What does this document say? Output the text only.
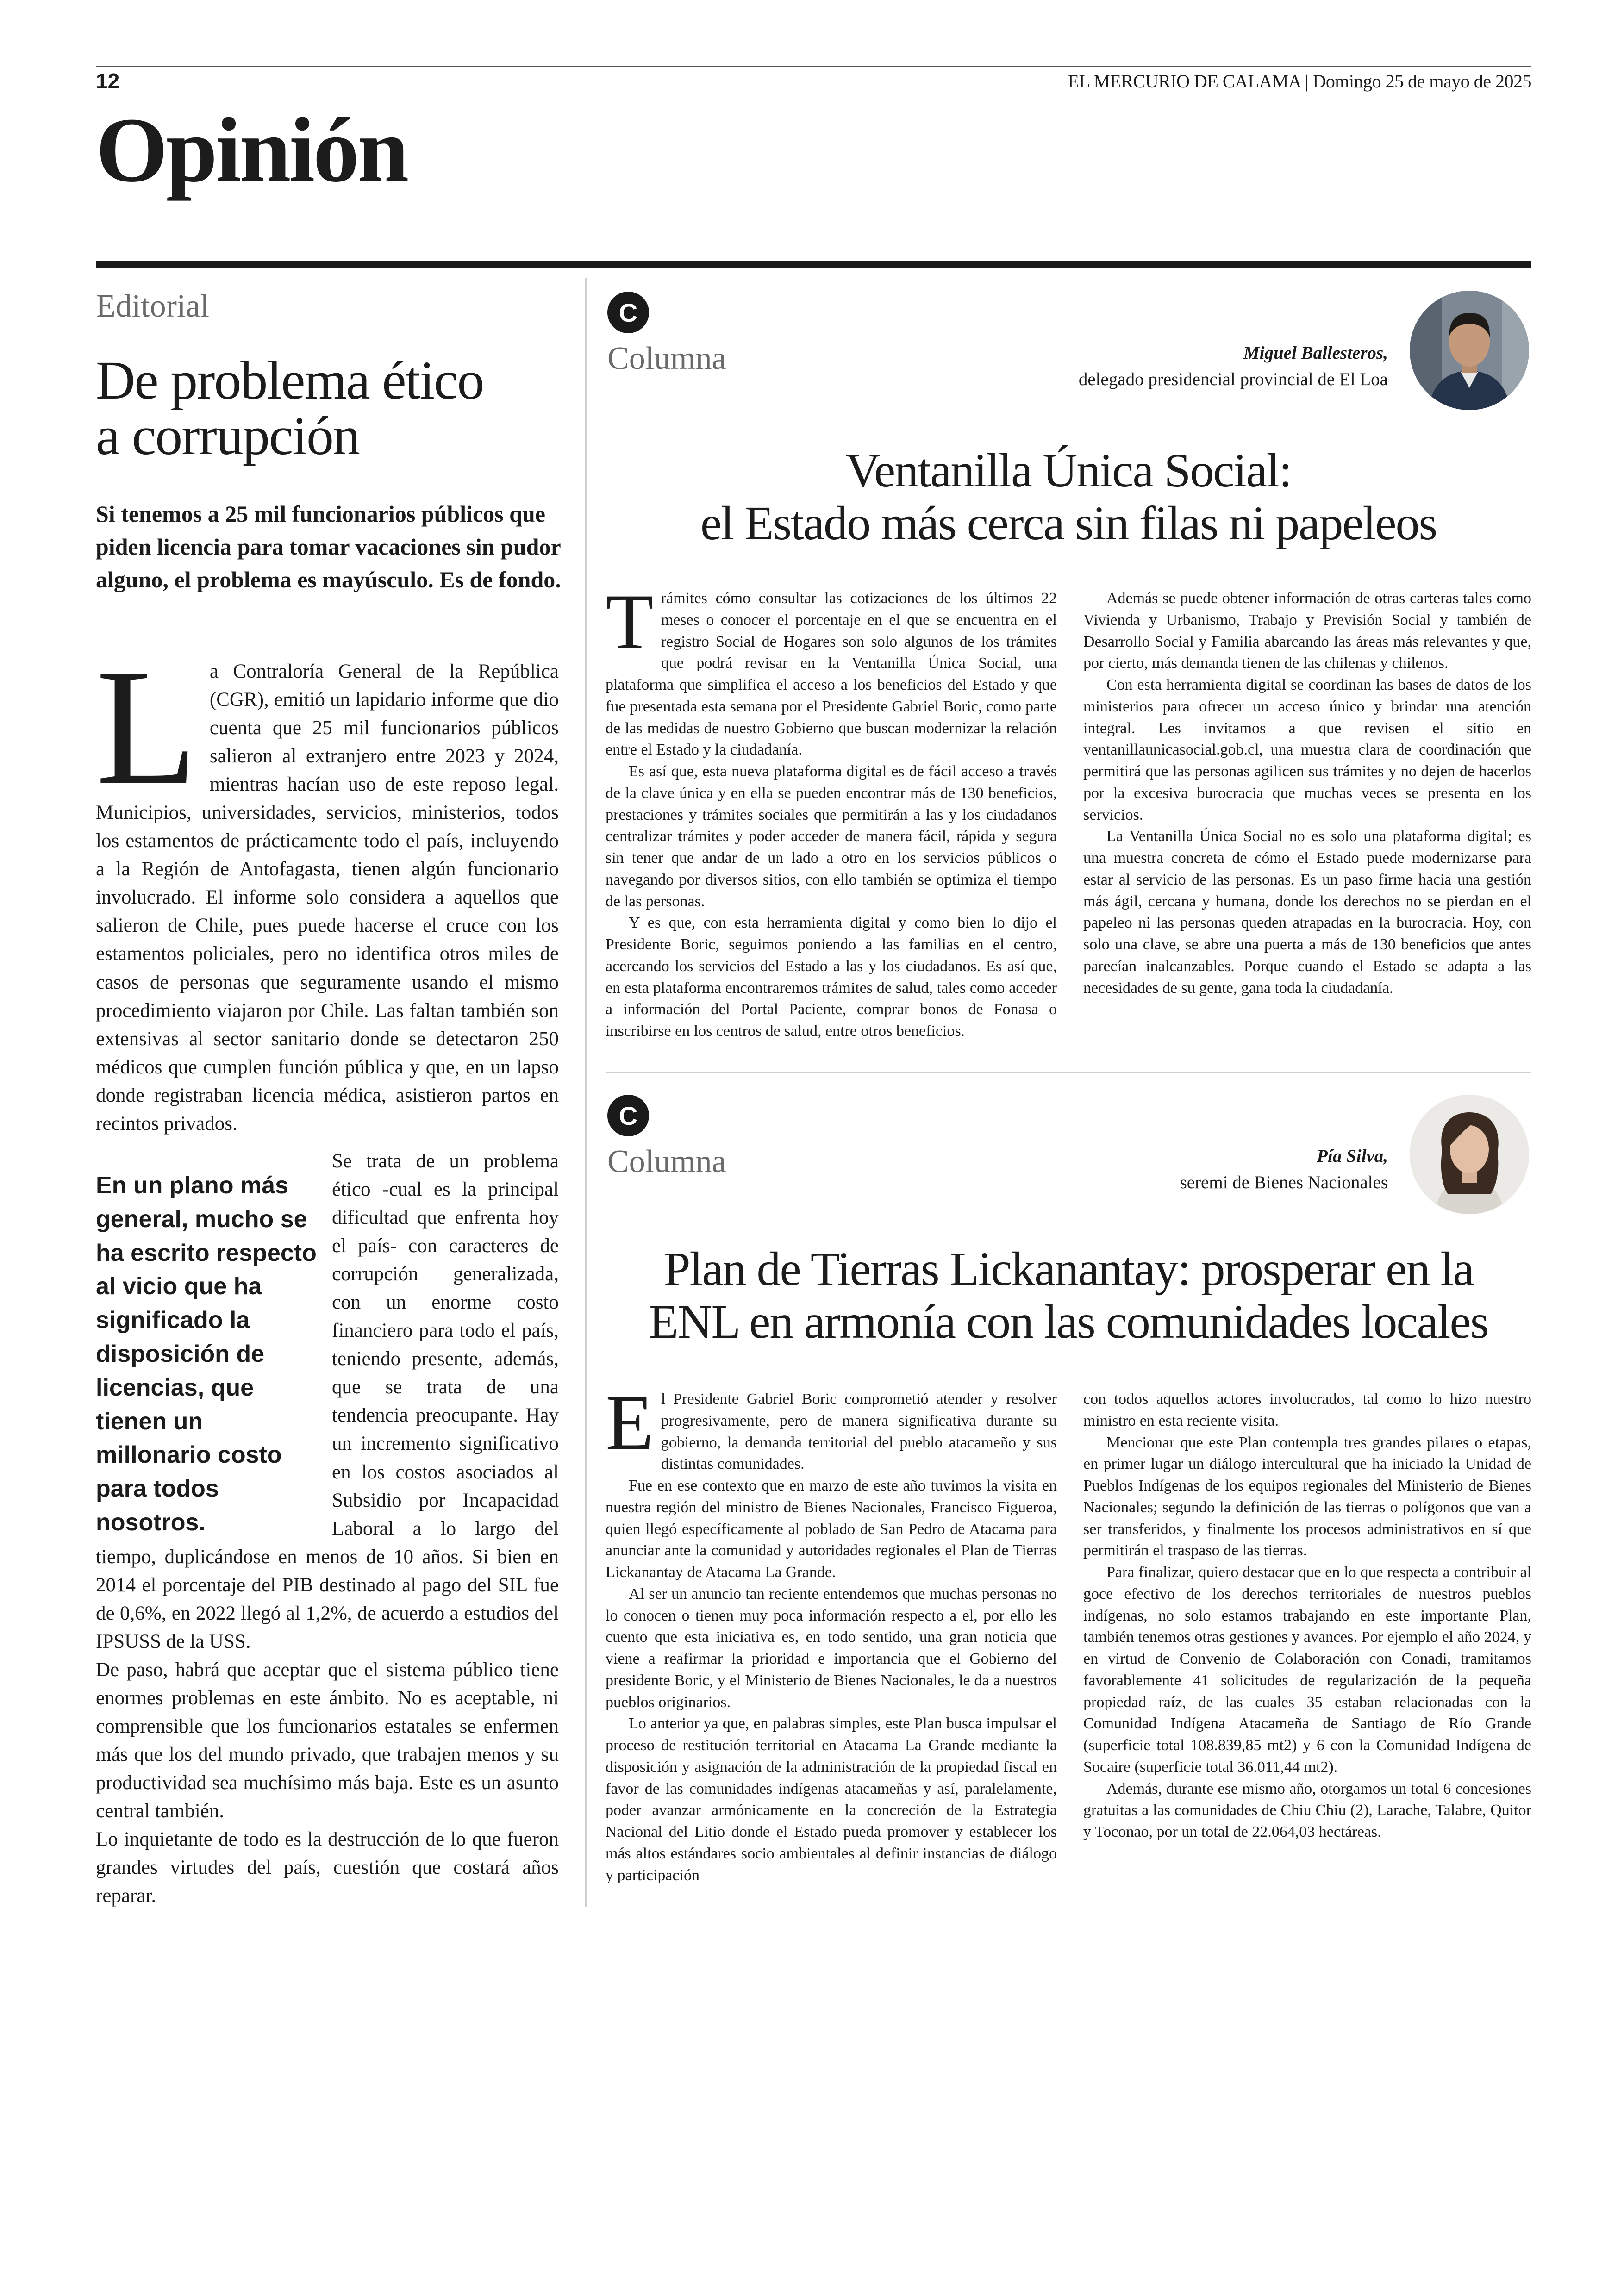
12	EL MERCURIO DE CALAMA | Domingo 25 de mayo de 2025
Opinión
Editorial
De problema ético
a corrupción

Si tenemos a 25 mil funcionarios públicos que piden licencia para tomar vacaciones sin pudor alguno, el problema es mayúsculo. Es de fondo.

L a Contraloría General de la República (CGR), emitió un lapidario informe que dio cuenta que 25 mil funcionarios públicos salieron al extranjero entre 2023 y 2024, mientras hacían uso de este reposo legal. Municipios, universidades, servicios, ministerios, todos los estamentos de prácticamente todo el país, incluyendo a la Región de Antofagasta, tienen algún funcionario involucrado. El informe solo considera a aquellos que salieron de Chile, pues puede hacerse el cruce con los estamentos policiales, pero no identifica otros miles de casos de personas que seguramente usando el mismo procedimiento viajaron por Chile. Las faltan también son extensivas al sector sanitario donde se detectaron 250 médicos que cumplen función pública y que, en un lapso donde registraban licencia médica, asistieron partos en recintos privados.

En un plano más general, mucho se ha escrito respecto al vicio que ha significado la disposición de licencias, que tienen un millonario costo para todos nosotros.

Se trata de un problema ético -cual es la principal dificultad que enfrenta hoy el país- con caracteres de corrupción generalizada, con un enorme costo financiero para todo el país, teniendo presente, además, que se trata de una tendencia preocupante. Hay un incremento significativo en los costos asociados al Subsidio por Incapacidad Laboral a lo largo del tiempo, duplicándose en menos de 10 años. Si bien en 2014 el porcentaje del PIB destinado al pago del SIL fue de 0,6%, en 2022 llegó al 1,2%, de acuerdo a estudios del IPSUSS de la USS.

De paso, habrá que aceptar que el sistema público tiene enormes problemas en este ámbito. No es aceptable, ni comprensible que los funcionarios estatales se enfermen más que los del mundo privado, que trabajen menos y su productividad sea muchísimo más baja. Este es un asunto central también.

Lo inquietante de todo es la destrucción de lo que fueron grandes virtudes del país, cuestión que costará años reparar.

C
Columna	Miguel Ballesteros,
delegado presidencial provincial de El Loa
Ventanilla Única Social:
el Estado más cerca sin filas ni papeleos

Trámites cómo consultar las cotizaciones de los últimos 22 meses o conocer el porcentaje en el que se encuentra en el registro Social de Hogares son solo algunos de los trámites que podrá revisar en la Ventanilla Única Social, una plataforma que simplifica el acceso a los beneficios del Estado y que fue presentada esta semana por el Presidente Gabriel Boric, como parte de las medidas de nuestro Gobierno que buscan modernizar la relación entre el Estado y la ciudadanía.

Es así que, esta nueva plataforma digital es de fácil acceso a través de la clave única y en ella se pueden encontrar más de 130 beneficios, prestaciones y trámites sociales que permitirán a las y los ciudadanos centralizar trámites y poder acceder de manera fácil, rápida y segura sin tener que andar de un lado a otro en los servicios públicos o navegando por diversos sitios, con ello también se optimiza el tiempo de las personas.

Y es que, con esta herramienta digital y como bien lo dijo el Presidente Boric, seguimos poniendo a las familias en el centro, acercando los servicios del Estado a las y los ciudadanos. Es así que, en esta plataforma encontraremos trámites de salud, tales como acceder a información del Portal Paciente, comprar bonos de Fonasa o inscribirse en los centros de salud, entre otros beneficios.

Además se puede obtener información de otras carteras tales como Vivienda y Urbanismo, Trabajo y Previsión Social y también de Desarrollo Social y Familia abarcando las áreas más relevantes y que, por cierto, más demanda tienen de las chilenas y chilenos.

Con esta herramienta digital se coordinan las bases de datos de los ministerios para ofrecer un acceso único y brindar una atención integral. Les invitamos a que revisen el sitio en ventanillaunicasocial.gob.cl, una muestra clara de coordinación que permitirá que las personas agilicen sus trámites y no dejen de hacerlos por la excesiva burocracia que muchas veces se presenta en los servicios.

La Ventanilla Única Social no es solo una plataforma digital; es una muestra concreta de cómo el Estado puede modernizarse para estar al servicio de las personas. Es un paso firme hacia una gestión más ágil, cercana y humana, donde los derechos no se pierdan en el papeleo ni las personas queden atrapadas en la burocracia. Hoy, con solo una clave, se abre una puerta a más de 130 beneficios que antes parecían inalcanzables. Porque cuando el Estado se adapta a las necesidades de su gente, gana toda la ciudadanía.

C
Columna	Pía Silva,
seremi de Bienes Nacionales
Plan de Tierras Lickanantay: prosperar en la
ENL en armonía con las comunidades locales

El Presidente Gabriel Boric comprometió atender y resolver progresivamente, pero de manera significativa durante su gobierno, la demanda territorial del pueblo atacameño y sus distintas comunidades.

Fue en ese contexto que en marzo de este año tuvimos la visita en nuestra región del ministro de Bienes Nacionales, Francisco Figueroa, quien llegó específicamente al poblado de San Pedro de Atacama para anunciar ante la comunidad y autoridades regionales el Plan de Tierras Lickanantay de Atacama La Grande.

Al ser un anuncio tan reciente entendemos que muchas personas no lo conocen o tienen muy poca información respecto a el, por ello les cuento que esta iniciativa es, en todo sentido, una gran noticia que viene a reafirmar la prioridad e importancia que el Gobierno del presidente Boric, y el Ministerio de Bienes Nacionales, le da a nuestros pueblos originarios.

Lo anterior ya que, en palabras simples, este Plan busca impulsar el proceso de restitución territorial en Atacama La Grande mediante la disposición y asignación de la administración de la propiedad fiscal en favor de las comunidades indígenas atacameñas y así, paralelamente, poder avanzar armónicamente en la concreción de la Estrategia Nacional del Litio donde el Estado pueda promover y establecer los más altos estándares socio ambientales al definir instancias de diálogo y participación

con todos aquellos actores involucrados, tal como lo hizo nuestro ministro en esta reciente visita.

Mencionar que este Plan contempla tres grandes pilares o etapas, en primer lugar un diálogo intercultural que ha iniciado la Unidad de Pueblos Indígenas de los equipos regionales del Ministerio de Bienes Nacionales; segundo la definición de las tierras o polígonos que van a ser transferidos, y finalmente los procesos administrativos en sí que permitirán el traspaso de las tierras.

Para finalizar, quiero destacar que en lo que respecta a contribuir al goce efectivo de los derechos territoriales de nuestros pueblos indígenas, no solo estamos trabajando en este importante Plan, también tenemos otras gestiones y avances. Por ejemplo el año 2024, y en virtud de Convenio de Colaboración con Conadi, tramitamos favorablemente 41 solicitudes de regularización de la pequeña propiedad raíz, de las cuales 35 estaban relacionadas con la Comunidad Indígena Atacameña de Santiago de Río Grande (superficie total 108.839,85 mt2) y 6 con la Comunidad Indígena de Socaire (superficie total 36.011,44 mt2).

Además, durante ese mismo año, otorgamos un total 6 concesiones gratuitas a las comunidades de Chiu Chiu (2), Larache, Talabre, Quitor y Toconao, por un total de 22.064,03 hectáreas.
